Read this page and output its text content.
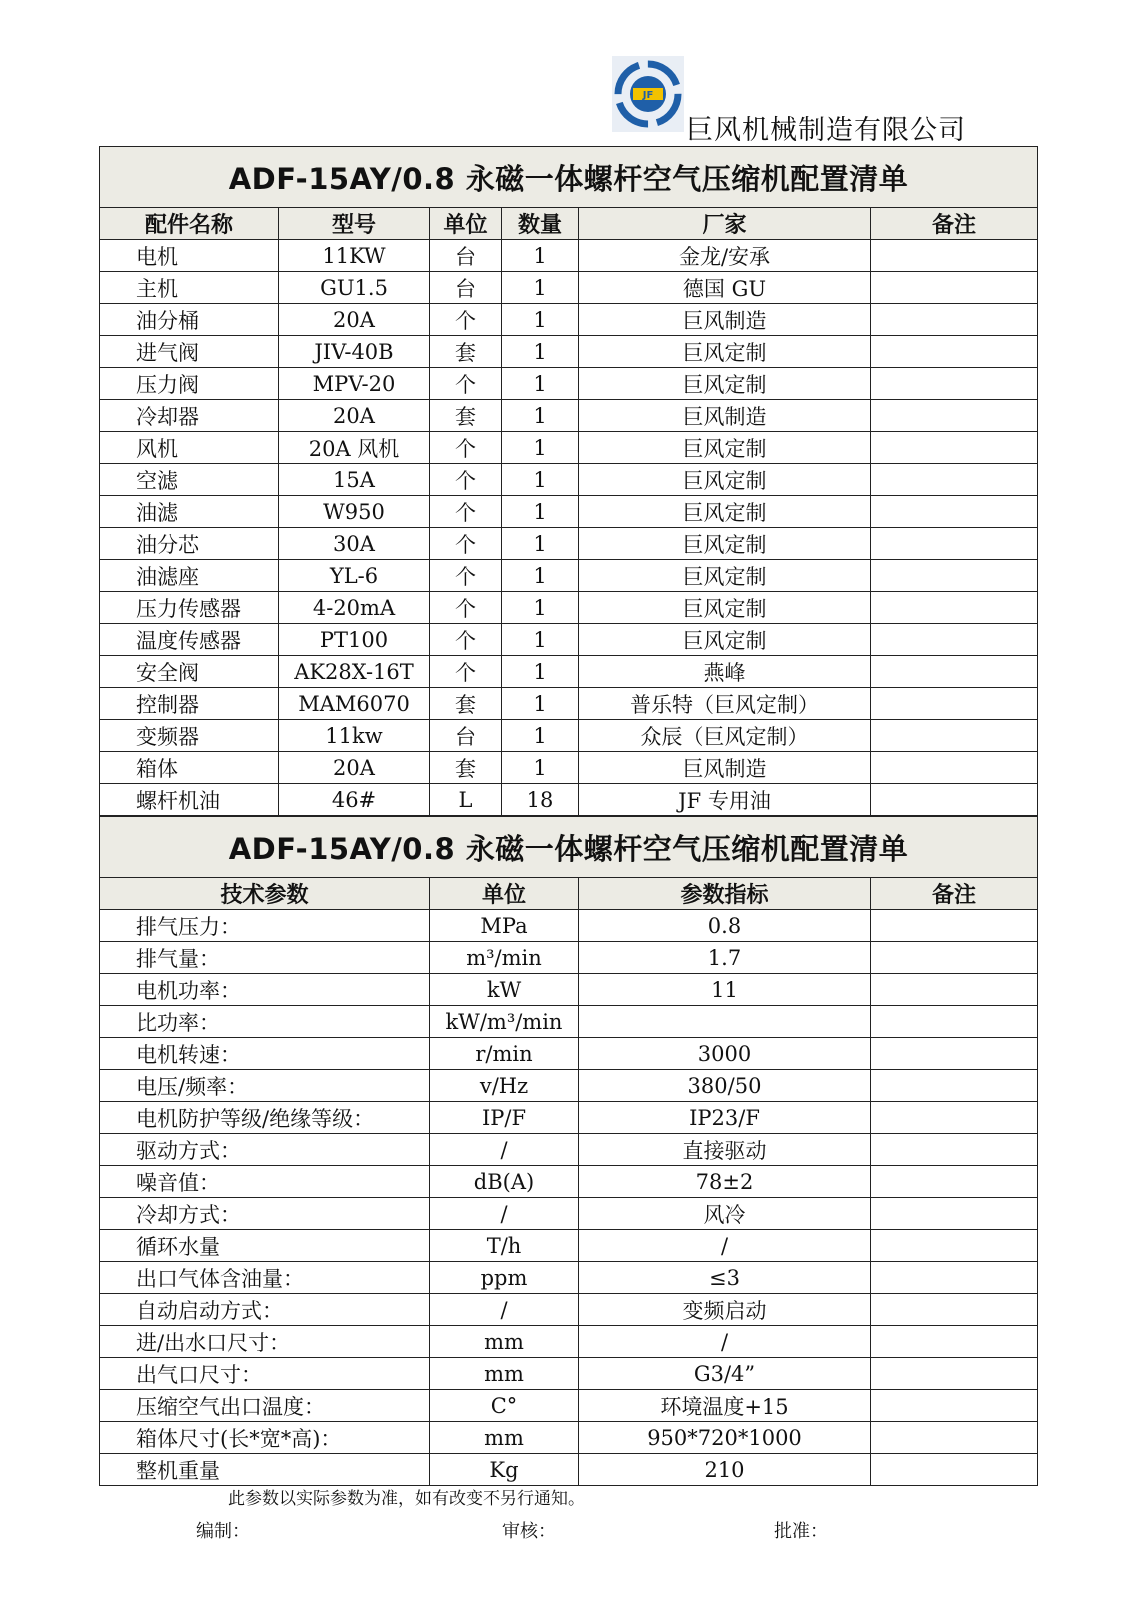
JF
巨风机械制造有限公司
ADF-15AY/0.8 永磁一体螺杆空气压缩机配置清单					
配件名称	型号	单位	数量	厂家	备注
电机	11KW	台	1	金龙/安承	
主机	GU1.5	台	1	德国 GU	
油分桶	20A	个	1	巨风制造	
进气阀	JIV-40B	套	1	巨风定制	
压力阀	MPV-20	个	1	巨风定制	
冷却器	20A	套	1	巨风制造	
风机	20A 风机	个	1	巨风定制	
空滤	15A	个	1	巨风定制	
油滤	W950	个	1	巨风定制	
油分芯	30A	个	1	巨风定制	
油滤座	YL-6	个	1	巨风定制	
压力传感器	4-20mA	个	1	巨风定制	
温度传感器	PT100	个	1	巨风定制	
安全阀	AK28X-16T	个	1	燕峰	
控制器	MAM6070	套	1	普乐特（巨风定制）	
变频器	11kw	台	1	众辰（巨风定制）	
箱体	20A	套	1	巨风制造	
螺杆机油	46#	L	18	JF 专用油	
ADF-15AY/0.8 永磁一体螺杆空气压缩机配置清单			
技术参数	单位	参数指标	备注
排气压力：	MPa	0.8	
排气量：	m³/min	1.7	
电机功率：	kW	11	
比功率：	kW/m³/min		
电机转速：	r/min	3000	
电压/频率：	v/Hz	380/50	
电机防护等级/绝缘等级：	IP/F	IP23/F	
驱动方式：	/	直接驱动	
噪音值：	dB(A)	78±2	
冷却方式：	/	风冷	
循环水量	T/h	/	
出口气体含油量：	ppm	≤3	
自动启动方式：	/	变频启动	
进/出水口尺寸：	mm	/	
出气口尺寸：	mm	G3/4”	
压缩空气出口温度：	C°	环境温度+15	
箱体尺寸(长*宽*高)：	mm	950*720*1000	
整机重量	Kg	210	
此参数以实际参数为准，如有改变不另行通知。
编制：	审核：	批准：
